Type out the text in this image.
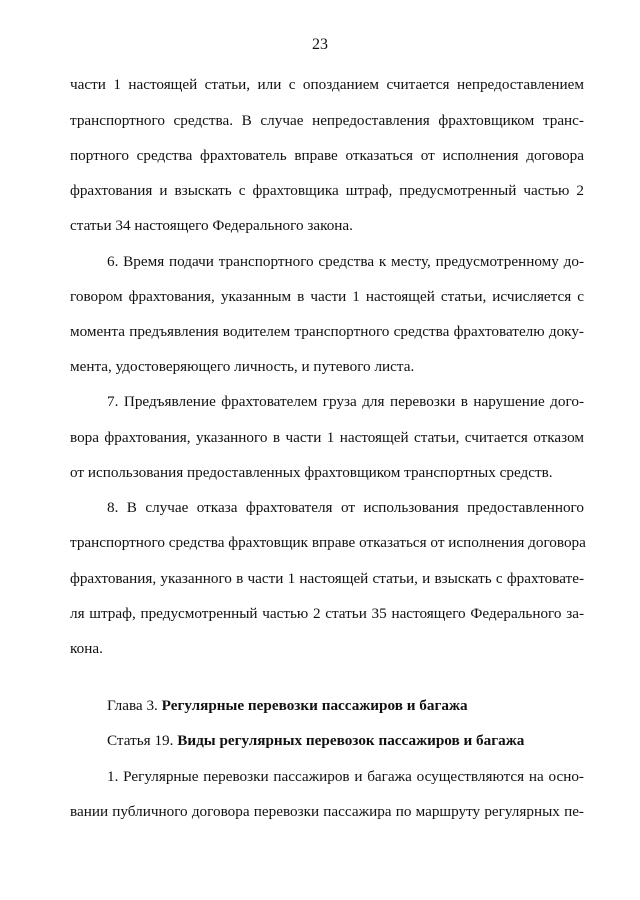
23
части 1 настоящей статьи, или с опозданием считается непредоставлением
транспортного средства. В случае непредоставления фрахтовщиком транс-
портного средства фрахтователь вправе отказаться от исполнения договора
фрахтования и взыскать с фрахтовщика штраф, предусмотренный частью 2
статьи 34 настоящего Федерального закона.
6. Время подачи транспортного средства к месту, предусмотренному до-
говором фрахтования, указанным в части 1 настоящей статьи, исчисляется с
момента предъявления водителем транспортного средства фрахтователю доку-
мента, удостоверяющего личность, и путевого листа.
7. Предъявление фрахтователем груза для перевозки в нарушение дого-
вора фрахтования, указанного в части 1 настоящей статьи, считается отказом
от использования предоставленных фрахтовщиком транспортных средств.
8. В случае отказа фрахтователя от использования предоставленного
транспортного средства фрахтовщик вправе отказаться от исполнения договора
фрахтования, указанного в части 1 настоящей статьи, и взыскать с фрахтовате-
ля штраф, предусмотренный частью 2 статьи 35 настоящего Федерального за-
кона.
Глава 3. Регулярные перевозки пассажиров и багажа
Статья 19. Виды регулярных перевозок пассажиров и багажа
1. Регулярные перевозки пассажиров и багажа осуществляются на осно-
вании публичного договора перевозки пассажира по маршруту регулярных пе-
